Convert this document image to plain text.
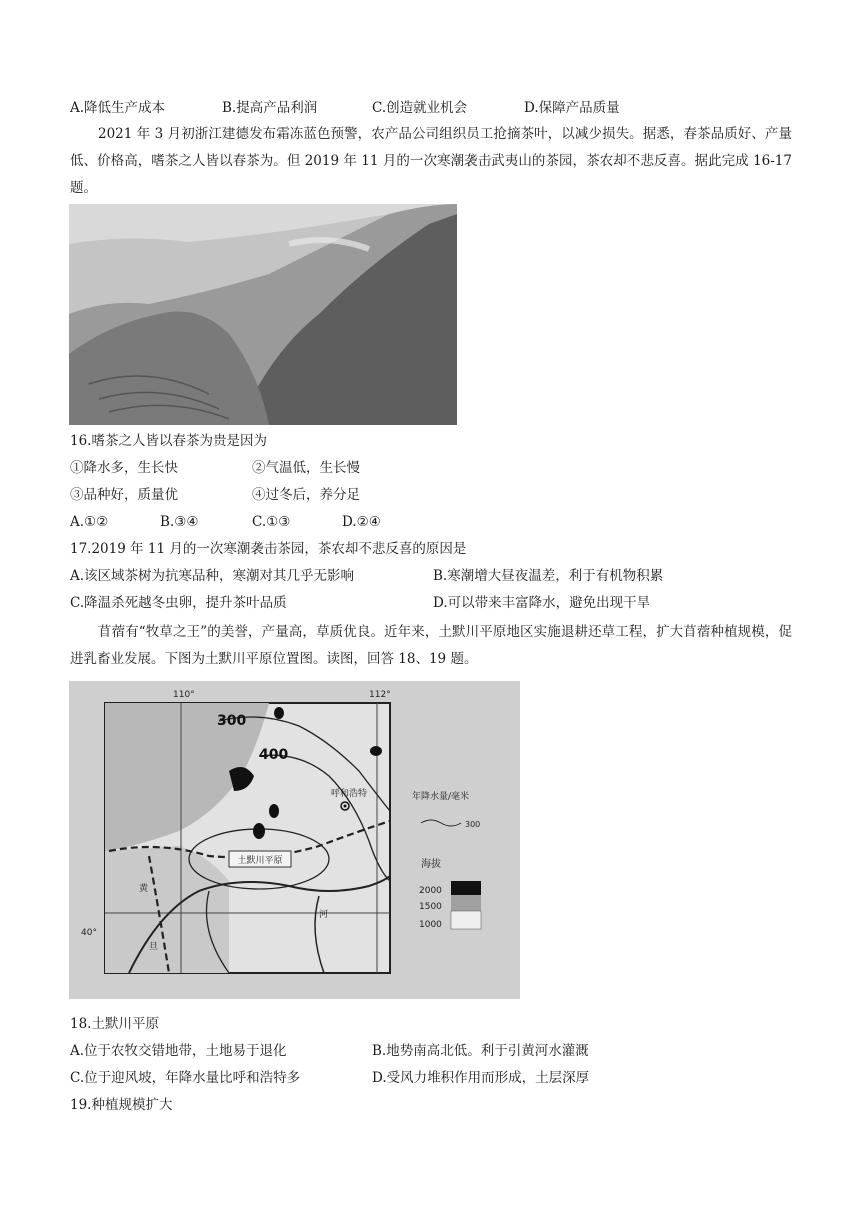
A.降低生产成本	B.提高产品利润	C.创造就业机会	D.保障产品质量
2021 年 3 月初浙江建德发布霜冻蓝色预警，农产品公司组织员工抢摘茶叶，以减少损失。据悉，春茶品质好、产量低、价格高，嗜茶之人皆以春茶为。但 2019 年 11 月的一次寒潮袭击武夷山的茶园，茶农却不悲反喜。据此完成 16-17 题。
16.嗜茶之人皆以春茶为贵是因为
①降水多，生长快	②气温低，生长慢
③品种好，质量优	④过冬后，养分足
A.①②	B.③④	C.①③	D.②④
17.2019 年 11 月的一次寒潮袭击茶园，茶农却不悲反喜的原因是
A.该区域茶树为抗寒品种，寒潮对其几乎无影响	B.寒潮增大昼夜温差，利于有机物积累
C.降温杀死越冬虫卵，提升茶叶品质	D.可以带来丰富降水，避免出现干旱
苜蓿有“牧草之王”的美誉，产量高，草质优良。近年来，土默川平原地区实施退耕还草工程，扩大苜蓿种植规模，促进乳畜业发展。下图为土默川平原位置图。读图，回答 18、19 题。
土默川平原
呼和浩特
300
400
110°	112°
40°
河
黄
旦
年降水量/毫米
300
海拔
2000
1500
1000
18.土默川平原
A.位于农牧交错地带，土地易于退化	B.地势南高北低。利于引黄河水灌溉
C.位于迎风坡，年降水量比呼和浩特多	D.受风力堆积作用而形成，土层深厚
19.种植规模扩大
